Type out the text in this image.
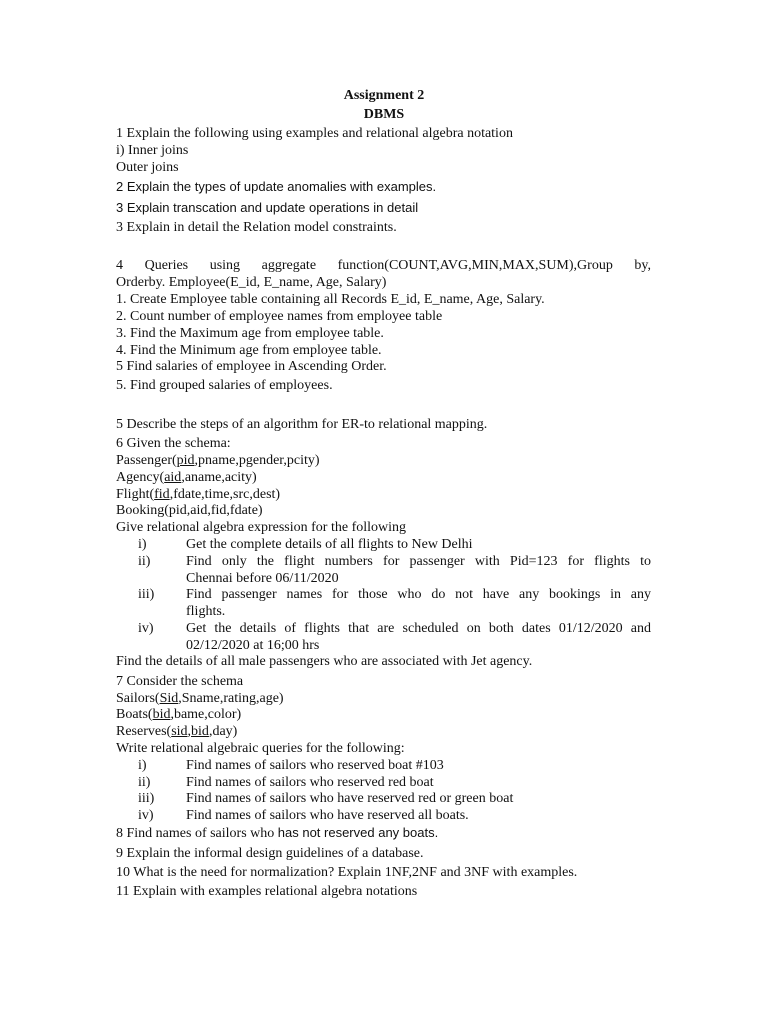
Assignment 2
DBMS
1 Explain the following using examples and relational algebra notation
i) Inner joins
Outer joins
2 Explain the types of update anomalies with examples.
3 Explain transcation and update operations in detail
3 Explain in detail the Relation model constraints.
4 Queries using aggregate function(COUNT,AVG,MIN,MAX,SUM),Group by,
Orderby. Employee(E_id, E_name, Age, Salary)
1. Create Employee table containing all Records E_id, E_name, Age, Salary.
2. Count number of employee names from employee table
3. Find the Maximum age from employee table.
4. Find the Minimum age from employee table.
5 Find salaries of employee in Ascending Order.
5. Find grouped salaries of employees.
5 Describe the steps of an algorithm for ER-to relational mapping.
6 Given the schema:
Passenger(pid,pname,pgender,pcity)
Agency(aid,aname,acity)
Flight(fid,fdate,time,src,dest)
Booking(pid,aid,fid,fdate)
Give relational algebra expression for the following
i)	Get the complete details of all flights to New Delhi
ii)	Find only the flight numbers for passenger with Pid=123 for flights to
Chennai before 06/11/2020
iii) Find passenger names for those who do not have any bookings in any
flights.
iv) Get the details of flights that are scheduled on both dates 01/12/2020 and
02/12/2020 at 16;00 hrs
Find the details of all male passengers who are associated with Jet agency.
7 Consider the schema
Sailors(Sid,Sname,rating,age)
Boats(bid,bame,color)
Reserves(sid,bid,day)
Write relational algebraic queries for the following:
i)	Find names of sailors who reserved boat #103
ii)	Find names of sailors who reserved red boat
iii) Find names of sailors who have reserved red or green boat
iv) Find names of sailors who have reserved all boats.
8 Find names of sailors who has not reserved any boats.
9 Explain the informal design guidelines of a database.
10 What is the need for normalization? Explain 1NF,2NF and 3NF with examples.
11 Explain with examples relational algebra notations
